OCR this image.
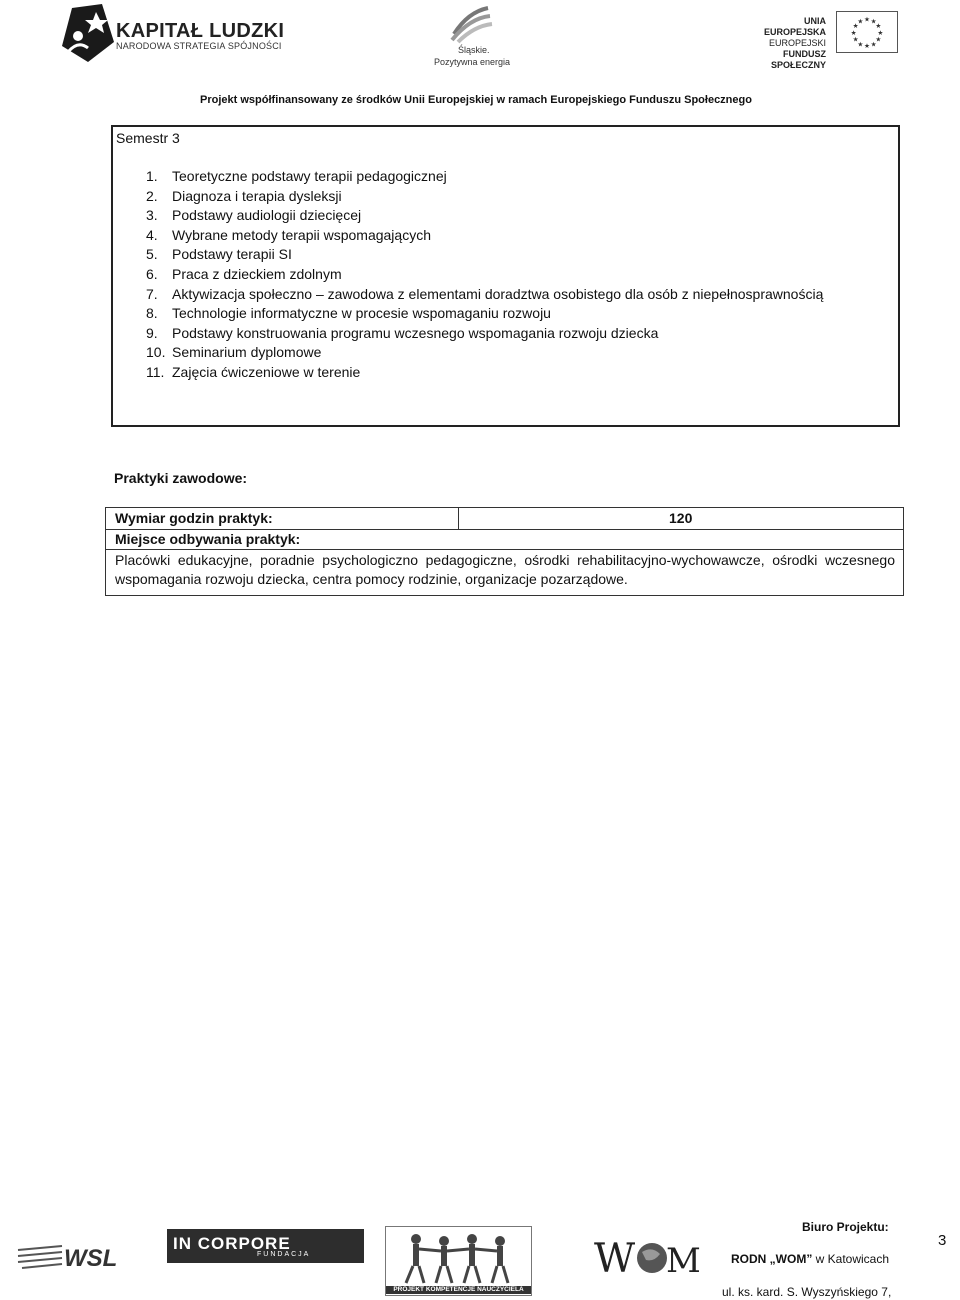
KAPITAŁ LUDZKI
NARODOWA STRATEGIA SPÓJNOŚCI	Śląskie.
Pozytywna energia
UNIA EUROPEJSKA
EUROPEJSKI
FUNDUSZ SPOŁECZNY
★ ★
★
★
★
★
★
★
★
★
★
★
Projekt współfinansowany ze środków Unii Europejskiej w ramach Europejskiego Funduszu Społecznego
Semestr 3
1.	Teoretyczne podstawy terapii pedagogicznej
2.	Diagnoza i terapia dysleksji
3.	Podstawy audiologii dziecięcej
4.	Wybrane metody terapii wspomagających
5.	Podstawy terapii SI
6.	Praca z dzieckiem zdolnym
7.	Aktywizacja społeczno – zawodowa z elementami doradztwa osobistego dla osób z niepełnosprawnością
8.	Technologie informatyczne w procesie wspomaganiu rozwoju
9.	Podstawy konstruowania programu wczesnego wspomagania rozwoju dziecka
10. Seminarium dyplomowe
11. Zajęcia ćwiczeniowe w terenie
Praktyki zawodowe:
Wymiar godzin praktyk:	120
Miejsce odbywania praktyk:
Placówki edukacyjne, poradnie psychologiczno pedagogiczne, ośrodki rehabilitacyjno-wychowawcze, ośrodki wczesnego wspomagania rozwoju dziecka, centra pomocy rodzinie, organizacje pozarządowe.
WSL
IN CORPORE
FUNDACJA
PROJEKT KOMPETENCJE NAUCZYCIELA
W M
Biuro Projektu:
RODN „WOM” w Katowicach
ul. ks. kard. S. Wyszyńskiego 7,
3
